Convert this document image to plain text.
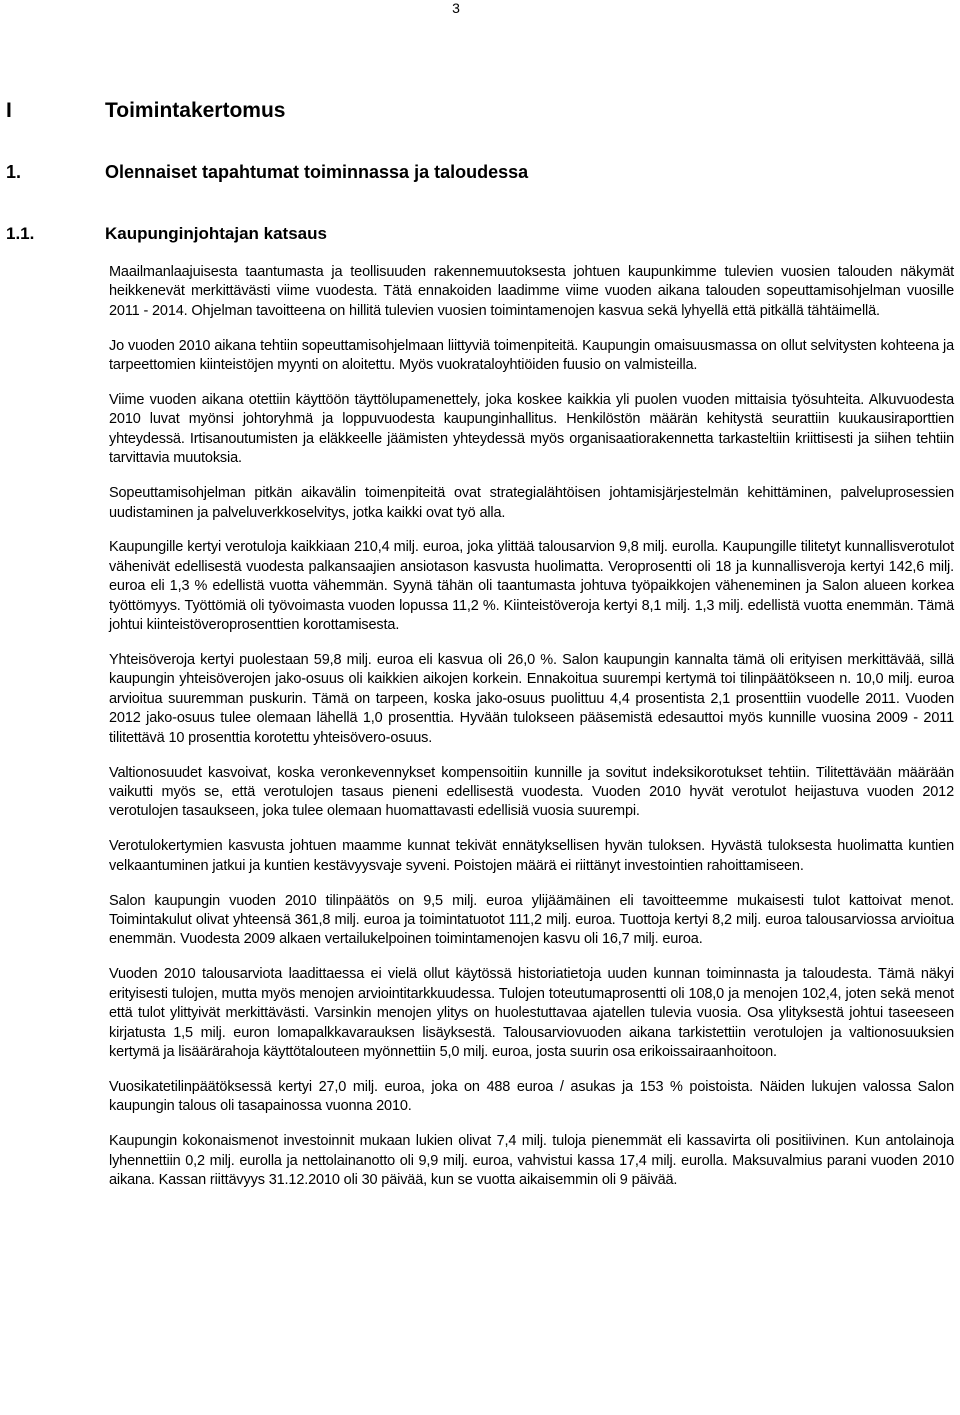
3
I	Toimintakertomus
1.	Olennaiset tapahtumat toiminnassa ja taloudessa
1.1.	Kaupunginjohtajan katsaus

Maailmanlaajuisesta taantumasta ja teollisuuden rakennemuutoksesta johtuen kaupunkimme tulevien vuosien talouden näkymät heikkenevät merkittävästi viime vuodesta. Tätä ennakoiden laadimme viime vuoden aikana talouden sopeuttamisohjelman vuosille 2011 - 2014. Ohjelman tavoitteena on hillitä tulevien vuosien toimintamenojen kasvua sekä lyhyellä että pitkällä tähtäimellä.

Jo vuoden 2010 aikana tehtiin sopeuttamisohjelmaan liittyviä toimenpiteitä. Kaupungin omaisuusmassa on ollut selvitysten kohteena ja tarpeettomien kiinteistöjen myynti on aloitettu. Myös vuokrataloyhtiöiden fuusio on valmisteilla.

Viime vuoden aikana otettiin käyttöön täyttölupamenettely, joka koskee kaikkia yli puolen vuoden mittaisia työsuhteita. Alkuvuodesta 2010 luvat myönsi johtoryhmä ja loppuvuodesta kaupunginhallitus. Henkilöstön määrän kehitystä seurattiin kuukausiraporttien yhteydessä. Irtisanoutumisten ja eläkkeelle jäämisten yhteydessä myös organisaatiorakennetta tarkasteltiin kriittisesti ja siihen tehtiin tarvittavia muutoksia.

Sopeuttamisohjelman pitkän aikavälin toimenpiteitä ovat strategialähtöisen johtamisjärjestelmän kehittäminen, palveluprosessien uudistaminen ja palveluverkkoselvitys, jotka kaikki ovat työ alla.

Kaupungille kertyi verotuloja kaikkiaan 210,4 milj. euroa, joka ylittää talousarvion 9,8 milj. eurolla. Kaupungille tilitetyt kunnallisverotulot vähenivät edellisestä vuodesta palkansaajien ansiotason kasvusta huolimatta. Veroprosentti oli 18 ja kunnallisveroja kertyi 142,6 milj. euroa eli 1,3 % edellistä vuotta vähemmän. Syynä tähän oli taantumasta johtuva työpaikkojen väheneminen ja Salon alueen korkea työttömyys. Työttömiä oli työvoimasta vuoden lopussa 11,2 %. Kiinteistöveroja kertyi 8,1 milj. 1,3 milj. edellistä vuotta enemmän. Tämä johtui kiinteistöveroprosenttien korottamisesta.

Yhteisöveroja kertyi puolestaan 59,8 milj. euroa eli kasvua oli 26,0 %. Salon kaupungin kannalta tämä oli erityisen merkittävää, sillä kaupungin yhteisöverojen jako-osuus oli kaikkien aikojen korkein. Ennakoitua suurempi kertymä toi tilinpäätökseen n. 10,0 milj. euroa arvioitua suuremman puskurin. Tämä on tarpeen, koska jako-osuus puolittuu 4,4 prosentista 2,1 prosenttiin vuodelle 2011. Vuoden 2012 jako-osuus tulee olemaan lähellä 1,0 prosenttia. Hyvään tulokseen pääsemistä edesauttoi myös kunnille vuosina 2009 - 2011 tilitettävä 10 prosenttia korotettu yhteisövero-osuus.

Valtionosuudet kasvoivat, koska veronkevennykset kompensoitiin kunnille ja sovitut indeksikorotukset tehtiin. Tilitettävään määrään vaikutti myös se, että verotulojen tasaus pieneni edellisestä vuodesta. Vuoden 2010 hyvät verotulot heijastuva vuoden 2012 verotulojen tasaukseen, joka tulee olemaan huomattavasti edellisiä vuosia suurempi.

Verotulokertymien kasvusta johtuen maamme kunnat tekivät ennätyksellisen hyvän tuloksen. Hyvästä tuloksesta huolimatta kuntien velkaantuminen jatkui ja kuntien kestävyysvaje syveni. Poistojen määrä ei riittänyt investointien rahoittamiseen.

Salon kaupungin vuoden 2010 tilinpäätös on 9,5 milj. euroa ylijäämäinen eli tavoitteemme mukaisesti tulot kattoivat menot. Toimintakulut olivat yhteensä 361,8 milj. euroa ja toimintatuotot 111,2 milj. euroa. Tuottoja kertyi 8,2 milj. euroa talousarviossa arvioitua enemmän. Vuodesta 2009 alkaen vertailukelpoinen toimintamenojen kasvu oli 16,7 milj. euroa.

Vuoden 2010 talousarviota laadittaessa ei vielä ollut käytössä historiatietoja uuden kunnan toiminnasta ja taloudesta. Tämä näkyi erityisesti tulojen, mutta myös menojen arviointitarkkuudessa. Tulojen toteutumaprosentti oli 108,0 ja menojen 102,4, joten sekä menot että tulot ylittyivät merkittävästi. Varsinkin menojen ylitys on huolestuttavaa ajatellen tulevia vuosia. Osa ylityksestä johtui taseeseen kirjatusta 1,5 milj. euron lomapalkkavarauksen lisäyksestä. Talousarviovuoden aikana tarkistettiin verotulojen ja valtionosuuksien kertymä ja lisäärärahoja käyttötalouteen myönnettiin 5,0 milj. euroa, josta suurin osa erikoissairaanhoitoon.

Vuosikatetilinpäätöksessä kertyi 27,0 milj. euroa, joka on 488 euroa / asukas ja 153 % poistoista. Näiden lukujen valossa Salon kaupungin talous oli tasapainossa vuonna 2010.

Kaupungin kokonaismenot investoinnit mukaan lukien olivat 7,4 milj. tuloja pienemmät eli kassavirta oli positiivinen. Kun antolainoja lyhennettiin 0,2 milj. eurolla ja nettolainanotto oli 9,9 milj. euroa, vahvistui kassa 17,4 milj. eurolla. Maksuvalmius parani vuoden 2010 aikana. Kassan riittävyys 31.12.2010 oli 30 päivää, kun se vuotta aikaisemmin oli 9 päivää.
